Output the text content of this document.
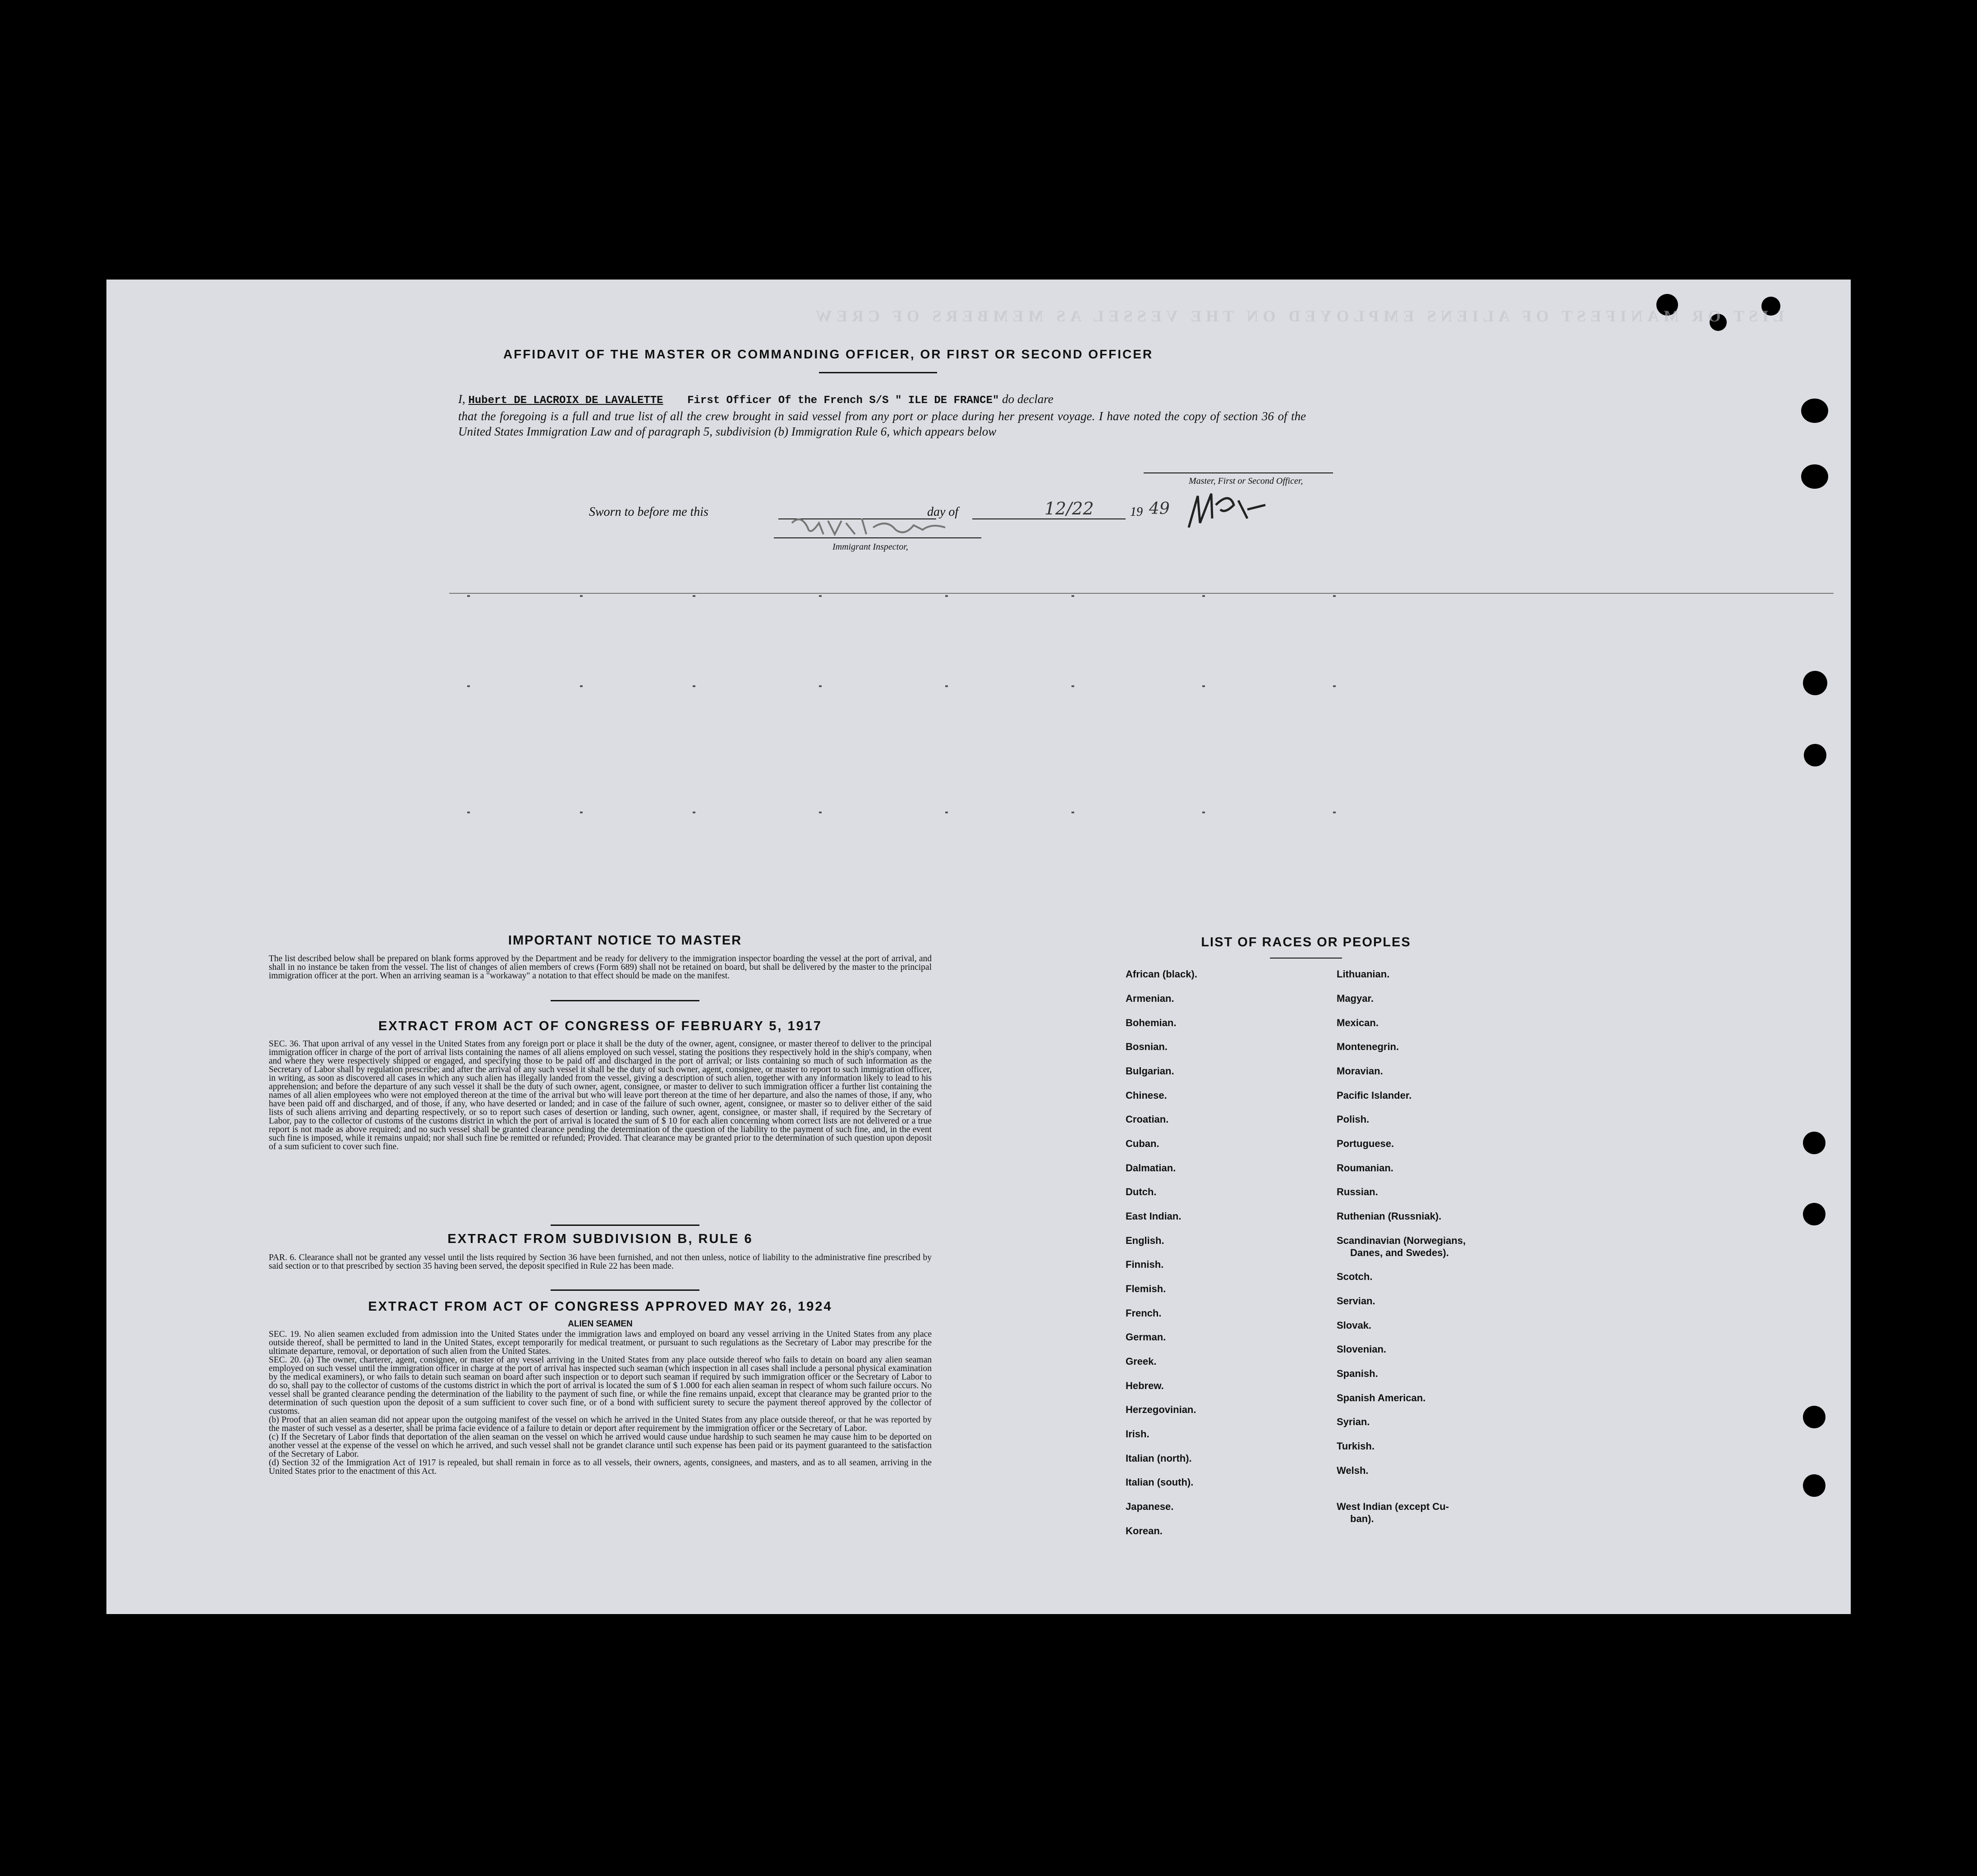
LIST OR MANIFEST OF ALIENS EMPLOYED ON THE VESSEL AS MEMBERS OF CREW
AFFIDAVIT OF THE MASTER OR COMMANDING OFFICER, OR FIRST OR SECOND OFFICER
I, Hubert DE LACROIX DE LAVALETTE First Officer Of the French S/S " ILE DE FRANCE" do declare
that the foregoing is a full and true list of all the crew brought in said vessel from any port or place during her present voyage. I have noted the copy of section 36 of the United States Immigration Law and of paragraph 5, subdivision (b) Immigration Rule 6, which appears below
Master, First or Second Officer,
Sworn to before me this	day of	12/22	19 49
Immigrant Inspector,
IMPORTANT NOTICE TO MASTER
The list described below shall be prepared on blank forms approved by the Department and be ready for delivery to the immigration inspector boarding the vessel at the port of arrival, and shall in no instance be taken from the vessel. The list of changes of alien members of crews (Form 689) shall not be retained on board, but shall be delivered by the master to the principal immigration officer at the port. When an arriving seaman is a "workaway" a notation to that effect should be made on the manifest.
EXTRACT FROM ACT OF CONGRESS OF FEBRUARY 5, 1917
SEC. 36. That upon arrival of any vessel in the United States from any foreign port or place it shall be the duty of the owner, agent, consignee, or master thereof to deliver to the principal immigration officer in charge of the port of arrival lists containing the names of all aliens employed on such vessel, stating the positions they respectively hold in the ship's company, when and where they were respectively shipped or engaged, and specifying those to be paid off and discharged in the port of arrival; or lists containing so much of such information as the Secretary of Labor shall by regulation prescribe; and after the arrival of any such vessel it shall be the duty of such owner, agent, consignee, or master to report to such immigration officer, in writing, as soon as discovered all cases in which any such alien has illegally landed from the vessel, giving a description of such alien, together with any information likely to lead to his apprehension; and before the departure of any such vessel it shall be the duty of such owner, agent, consignee, or master to deliver to such immigration officer a further list containing the names of all alien employees who were not employed thereon at the time of the arrival but who will leave port thereon at the time of her departure, and also the names of those, if any, who have been paid off and discharged, and of those, if any, who have deserted or landed; and in case of the failure of such owner, agent, consignee, or master so to deliver either of the said lists of such aliens arriving and departing respectively, or so to report such cases of desertion or landing, such owner, agent, consignee, or master shall, if required by the Secretary of Labor, pay to the collector of customs of the customs district in which the port of arrival is located the sum of $ 10 for each alien concerning whom correct lists are not delivered or a true report is not made as above required; and no such vessel shall be granted clearance pending the determination of the question of the liability to the payment of such fine, and, in the event such fine is imposed, while it remains unpaid; nor shall such fine be remitted or refunded; Provided. That clearance may be granted prior to the determination of such question upon deposit of a sum suficient to cover such fine.
EXTRACT FROM SUBDIVISION B, RULE 6
PAR. 6. Clearance shall not be granted any vessel until the lists required by Section 36 have been furnished, and not then unless, notice of liability to the administrative fine prescribed by said section or to that prescribed by section 35 having been served, the deposit specified in Rule 22 has been made.
EXTRACT FROM ACT OF CONGRESS APPROVED MAY 26, 1924
ALIEN SEAMEN
SEC. 19. No alien seamen excluded from admission into the United States under the immigration laws and employed on board any vessel arriving in the United States from any place outside thereof, shall be permitted to land in the United States, except temporarily for medical treatment, or pursuant to such regulations as the Secretary of Labor may prescribe for the ultimate departure, removal, or deportation of such alien from the United States.
SEC. 20. (a) The owner, charterer, agent, consignee, or master of any vessel arriving in the United States from any place outside thereof who fails to detain on board any alien seaman employed on such vessel until the immigration officer in charge at the port of arrival has inspected such seaman (which inspection in all cases shall include a personal physical examination by the medical examiners), or who fails to detain such seaman on board after such inspection or to deport such seaman if required by such immigration officer or the Secretary of Labor to do so, shall pay to the collector of customs of the customs district in which the port of arrival is located the sum of $ 1.000 for each alien seaman in respect of whom such failure occurs. No vessel shall be granted clearance pending the determination of the liability to the payment of such fine, or while the fine remains unpaid, except that clearance may be granted prior to the determination of such question upon the deposit of a sum sufficient to cover such fine, or of a bond with sufficient surety to secure the payment thereof approved by the collector of customs.
(b) Proof that an alien seaman did not appear upon the outgoing manifest of the vessel on which he arrived in the United States from any place outside thereof, or that he was reported by the master of such vessel as a deserter, shall be prima facie evidence of a failure to detain or deport after requirement by the immigration officer or the Secretary of Labor.
(c) If the Secretary of Labor finds that deportation of the alien seaman on the vessel on which he arrived would cause undue hardship to such seamen he may cause him to be deported on another vessel at the expense of the vessel on which he arrived, and such vessel shall not be grandet clarance until such expense has been paid or its payment guaranteed to the satisfaction of the Secretary of Labor.
(d) Section 32 of the Immigration Act of 1917 is repealed, but shall remain in force as to all vessels, their owners, agents, consignees, and masters, and as to all seamen, arriving in the United States prior to the enactment of this Act.
LIST OF RACES OR PEOPLES
African (black).
Armenian.
Bohemian.
Bosnian.
Bulgarian.
Chinese.
Croatian.
Cuban.
Dalmatian.
Dutch.
East Indian.
English.
Finnish.
Flemish.
French.
German.
Greek.
Hebrew.
Herzegovinian.
Irish.
Italian (north).
Italian (south).
Japanese.
Korean.
Lithuanian.
Magyar.
Mexican.
Montenegrin.
Moravian.
Pacific Islander.
Polish.
Portuguese.
Roumanian.
Russian.
Ruthenian (Russniak).
Scandinavian (Norwegians,
Danes, and Swedes).
Scotch.
Servian.
Slovak.
Slovenian.
Spanish.
Spanish American.
Syrian.
Turkish.
Welsh.
West Indian (except Cu-
ban).
